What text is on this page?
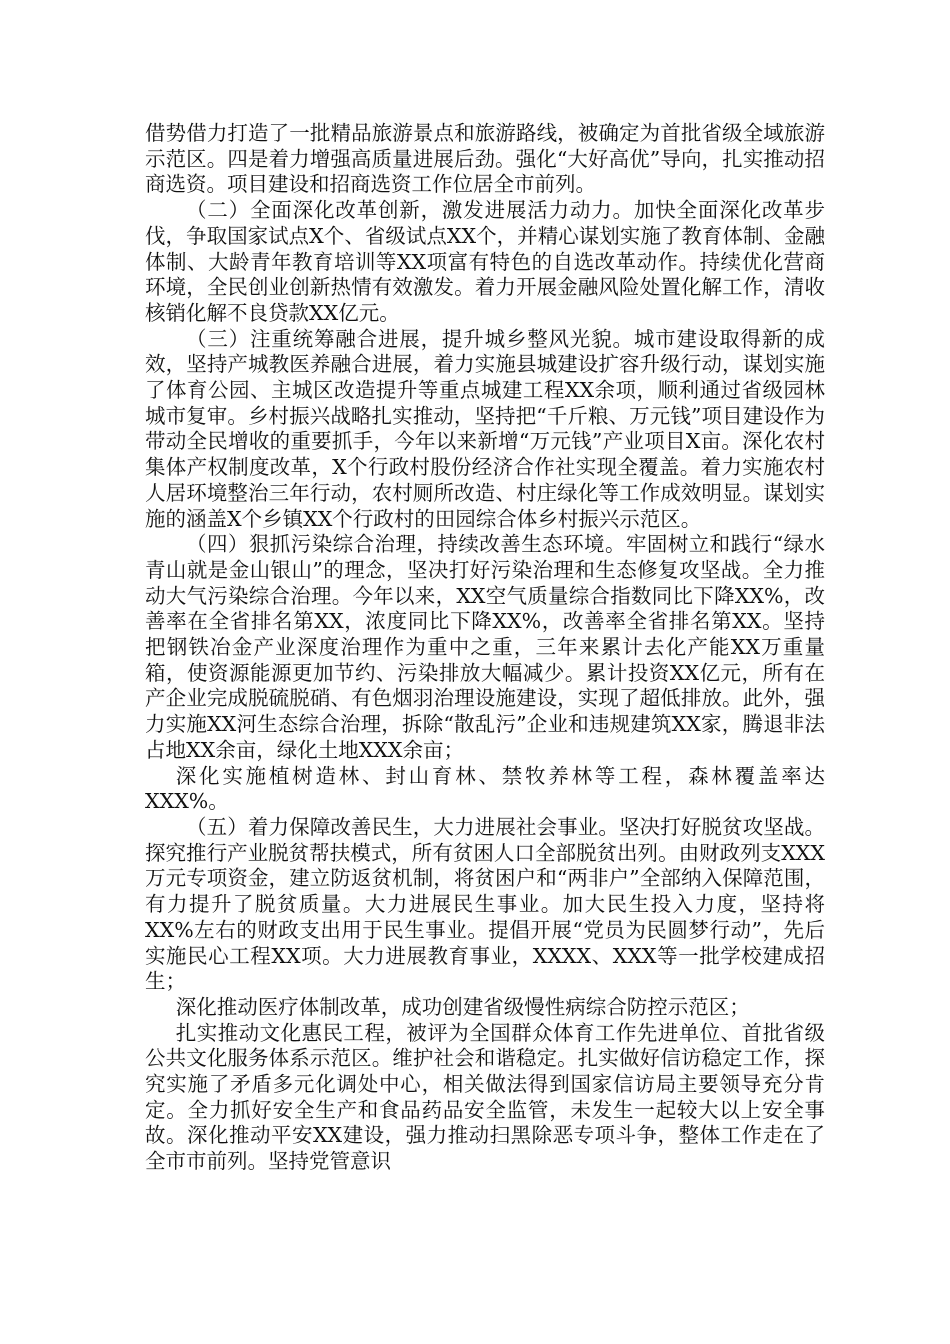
借势借力打造了一批精品旅游景点和旅游路线，被确定为首批省级全域旅游示范区。四是着力增强高质量进展后劲。强化“大好高优”导向，扎实推动招商选资。项目建设和招商选资工作位居全市前列。

（二）全面深化改革创新，激发进展活力动力。加快全面深化改革步伐，争取国家试点X个、省级试点XX个，并精心谋划实施了教育体制、金融体制、大龄青年教育培训等XX项富有特色的自选改革动作。持续优化营商环境，全民创业创新热情有效激发。着力开展金融风险处置化解工作，清收核销化解不良贷款XX亿元。

（三）注重统筹融合进展，提升城乡整风光貌。城市建设取得新的成效，坚持产城教医养融合进展，着力实施县城建设扩容升级行动，谋划实施了体育公园、主城区改造提升等重点城建工程XX余项，顺利通过省级园林城市复审。乡村振兴战略扎实推动，坚持把“千斤粮、万元钱”项目建设作为带动全民增收的重要抓手，今年以来新增“万元钱”产业项目X亩。深化农村集体产权制度改革，X个行政村股份经济合作社实现全覆盖。着力实施农村人居环境整治三年行动，农村厕所改造、村庄绿化等工作成效明显。谋划实施的涵盖X个乡镇XX个行政村的田园综合体乡村振兴示范区。

（四）狠抓污染综合治理，持续改善生态环境。牢固树立和践行“绿水青山就是金山银山”的理念，坚决打好污染治理和生态修复攻坚战。全力推动大气污染综合治理。今年以来，XX空气质量综合指数同比下降XX%，改善率在全省排名第XX，浓度同比下降XX%，改善率全省排名第XX。坚持把钢铁冶金产业深度治理作为重中之重，三年来累计去化产能XX万重量箱，使资源能源更加节约、污染排放大幅减少。累计投资XX亿元，所有在产企业完成脱硫脱硝、有色烟羽治理设施建设，实现了超低排放。此外，强力实施XX河生态综合治理，拆除“散乱污”企业和违规建筑XX家，腾退非法占地XX余亩，绿化土地XXX余亩；

深化实施植树造林、封山育林、禁牧养林等工程，森林覆盖率达XXX%。

（五）着力保障改善民生，大力进展社会事业。坚决打好脱贫攻坚战。探究推行产业脱贫帮扶模式，所有贫困人口全部脱贫出列。由财政列支XXX万元专项资金，建立防返贫机制，将贫困户和“两非户”全部纳入保障范围，有力提升了脱贫质量。大力进展民生事业。加大民生投入力度，坚持将XX%左右的财政支出用于民生事业。提倡开展“党员为民圆梦行动”，先后实施民心工程XX项。大力进展教育事业，XXXX、XXX等一批学校建成招生；

深化推动医疗体制改革，成功创建省级慢性病综合防控示范区；

扎实推动文化惠民工程，被评为全国群众体育工作先进单位、首批省级公共文化服务体系示范区。维护社会和谐稳定。扎实做好信访稳定工作，探究实施了矛盾多元化调处中心，相关做法得到国家信访局主要领导充分肯定。全力抓好安全生产和食品药品安全监管，未发生一起较大以上安全事故。深化推动平安XX建设，强力推动扫黑除恶专项斗争，整体工作走在了全市市前列。坚持党管意识
